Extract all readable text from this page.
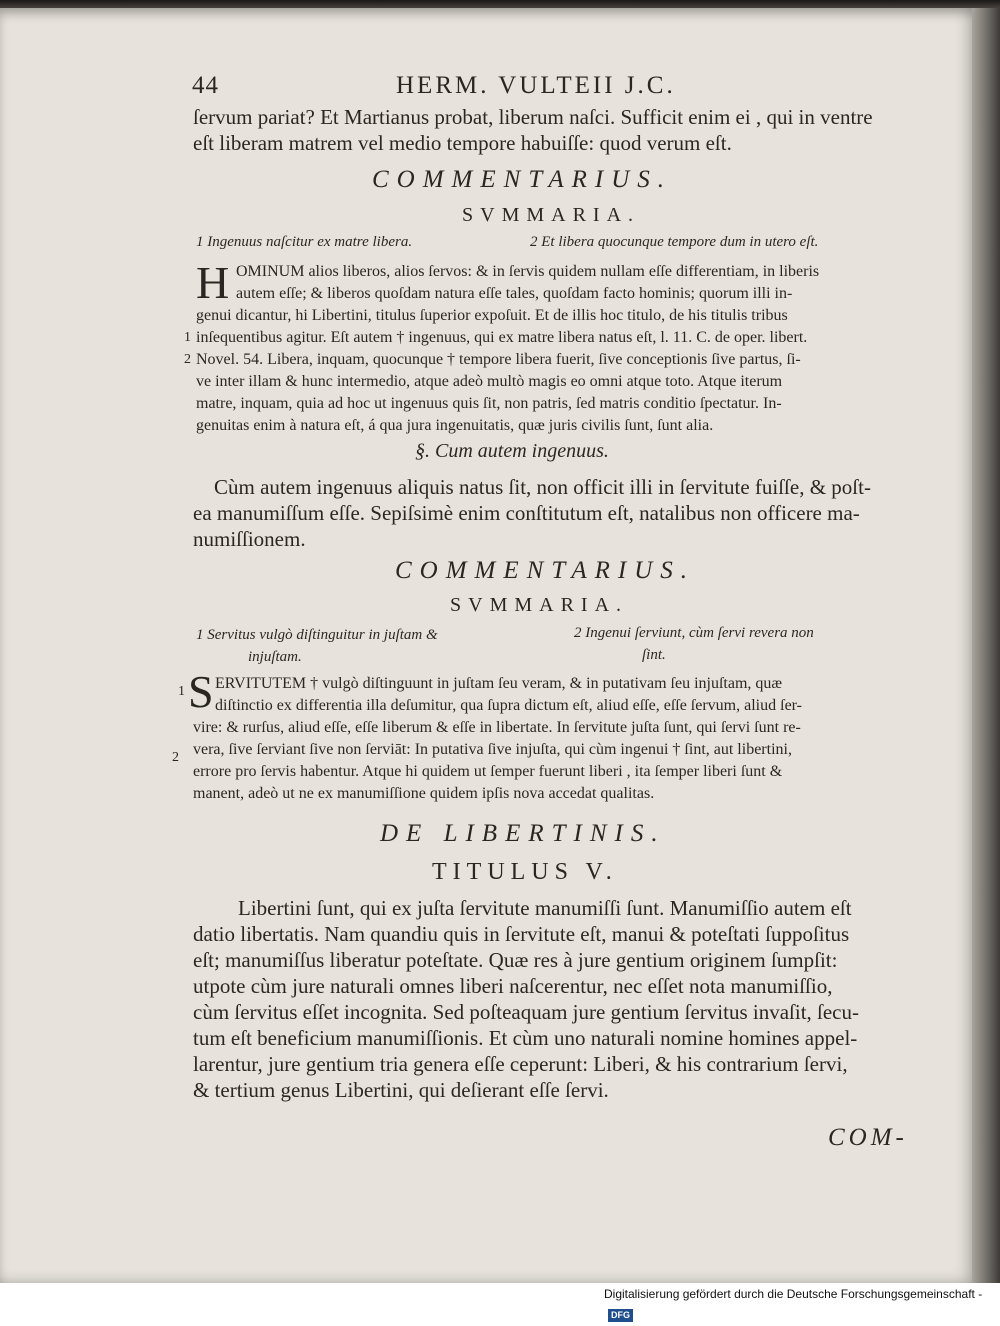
44	HERM. VULTEII J.C.
ſervum pariat? Et Martianus probat, liberum naſci. Sufficit enim ei , qui in ventre
eſt liberam matrem vel medio tempore habuiſſe: quod verum eſt.
COMMENTARIUS.
SVMMARIA.
1 Ingenuus naſcitur ex matre libera.	2 Et libera quocunque tempore dum in utero eſt.
H OMINUM alios liberos, alios ſervos: & in ſervis quidem nullam eſſe differentiam, in liberis
autem eſſe; & liberos quoſdam natura eſſe tales, quoſdam facto hominis; quorum illi in-
genui dicantur, hi Libertini, titulus ſuperior expoſuit. Et de illis hoc titulo, de his titulis tribus
inſequentibus agitur. Eſt autem † ingenuus, qui ex matre libera natus eſt, l. 11. C. de oper. libert.
Novel. 54. Libera, inquam, quocunque † tempore libera fuerit, ſive conceptionis ſive partus, ſi-
ve inter illam & hunc intermedio, atque adeò multò magis eo omni atque toto. Atque iterum
matre, inquam, quia ad hoc ut ingenuus quis ſit, non patris, ſed matris conditio ſpectatur. In-
genuitas enim à natura eſt, á qua jura ingenuitatis, quæ juris civilis ſunt, ſunt alia.
1
2
§. Cum autem ingenuus.
Cùm autem ingenuus aliquis natus ſit, non officit illi in ſervitute fuiſſe, & poſt-
ea manumiſſum eſſe. Sepiſsimè enim conſtitutum eſt, natalibus non officere ma-
numiſſionem.
COMMENTARIUS.
SVMMARIA.
1 Servitus vulgò diſtinguitur in juſtam &
injuſtam.
2 Ingenui ſerviunt, cùm ſervi revera non
ſint.
S ERVITUTEM † vulgò diſtinguunt in juſtam ſeu veram, & in putativam ſeu injuſtam, quæ
diſtinctio ex differentia illa deſumitur, qua ſupra dictum eſt, aliud eſſe, eſſe ſervum, aliud ſer-
vire: & rurſus, aliud eſſe, eſſe liberum & eſſe in libertate. In ſervitute juſta ſunt, qui ſervi ſunt re-
vera, ſive ſerviant ſive non ſerviāt: In putativa ſive injuſta, qui cùm ingenui † ſint, aut libertini,
errore pro ſervis habentur. Atque hi quidem ut ſemper fuerunt liberi , ita ſemper liberi ſunt &
manent, adeò ut ne ex manumiſſione quidem ipſis nova accedat qualitas.
1
2
DE LIBERTINIS.
TITULUS V.
Libertini ſunt, qui ex juſta ſervitute manumiſſi ſunt. Manumiſſio autem eſt
datio libertatis. Nam quandiu quis in ſervitute eſt, manui & poteſtati ſuppoſitus
eſt; manumiſſus liberatur poteſtate. Quæ res à jure gentium originem ſumpſit:
utpote cùm jure naturali omnes liberi naſcerentur, nec eſſet nota manumiſſio,
cùm ſervitus eſſet incognita. Sed poſteaquam jure gentium ſervitus invaſit, ſecu-
tum eſt beneficium manumiſſionis. Et cùm uno naturali nomine homines appel-
larentur, jure gentium tria genera eſſe ceperunt: Liberi, & his contrarium ſervi,
& tertium genus Libertini, qui deſierant eſſe ſervi.
COM-
Digitalisierung gefördert durch die Deutsche Forschungsgemeinschaft -DFG
